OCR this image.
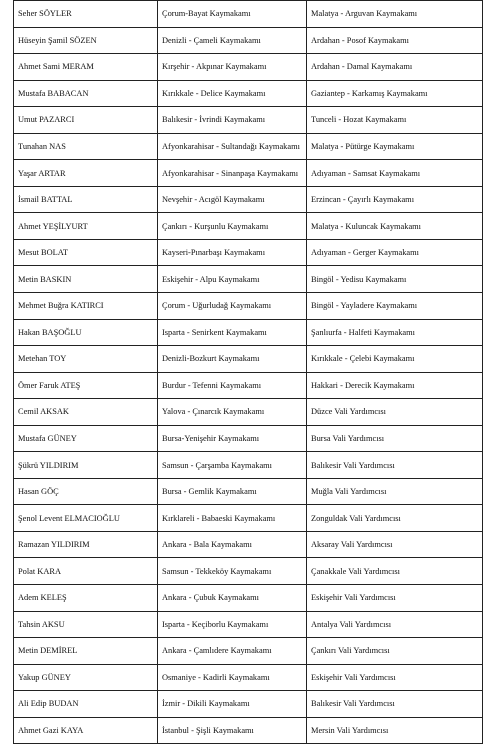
Seher SÖYLER	Çorum-Bayat Kaymakamı	Malatya - Arguvan Kaymakamı
Hüseyin Şamil SÖZEN	Denizli - Çameli Kaymakamı	Ardahan - Posof Kaymakamı
Ahmet Sami MERAM	Kırşehir - Akpınar Kaymakamı	Ardahan - Damal Kaymakamı
Mustafa BABACAN	Kırıkkale - Delice Kaymakamı	Gaziantep - Karkamış Kaymakamı
Umut PAZARCI	Balıkesir - İvrindi Kaymakamı	Tunceli - Hozat Kaymakamı
Tunahan NAS	Afyonkarahisar - Sultandağı Kaymakamı	Malatya - Pütürge Kaymakamı
Yaşar ARTAR	Afyonkarahisar - Sinanpaşa Kaymakamı	Adıyaman - Samsat Kaymakamı
İsmail BATTAL	Nevşehir - Acıgöl Kaymakamı	Erzincan - Çayırlı Kaymakamı
Ahmet YEŞİLYURT	Çankırı - Kurşunlu Kaymakamı	Malatya - Kuluncak Kaymakamı
Mesut BOLAT	Kayseri-Pınarbaşı Kaymakamı	Adıyaman - Gerger Kaymakamı
Metin BASKIN	Eskişehir - Alpu Kaymakamı	Bingöl - Yedisu Kaymakamı
Mehmet Buğra KATIRCI	Çorum - Uğurludağ Kaymakamı	Bingöl - Yayladere Kaymakamı
Hakan BAŞOĞLU	Isparta - Senirkent Kaymakamı	Şanlıurfa - Halfeti Kaymakamı
Metehan TOY	Denizli-Bozkurt Kaymakamı	Kırıkkale - Çelebi Kaymakamı
Ömer Faruk ATEŞ	Burdur - Tefenni Kaymakamı	Hakkari - Derecik Kaymakamı
Cemil AKSAK	Yalova - Çınarcık Kaymakamı	Düzce Vali Yardımcısı
Mustafa GÜNEY	Bursa-Yenişehir Kaymakamı	Bursa Vali Yardımcısı
Şükrü YILDIRIM	Samsun - Çarşamba Kaymakamı	Balıkesir Vali Yardımcısı
Hasan GÖÇ	Bursa - Gemlik Kaymakamı	Muğla Vali Yardımcısı
Şenol Levent ELMACIOĞLU	Kırklareli - Babaeski Kaymakamı	Zonguldak Vali Yardımcısı
Ramazan YILDIRIM	Ankara - Bala Kaymakamı	Aksaray Vali Yardımcısı
Polat KARA	Samsun - Tekkeköy Kaymakamı	Çanakkale Vali Yardımcısı
Adem KELEŞ	Ankara - Çubuk Kaymakamı	Eskişehir Vali Yardımcısı
Tahsin AKSU	Isparta - Keçiborlu Kaymakamı	Antalya Vali Yardımcısı
Metin DEMİREL	Ankara - Çamlıdere Kaymakamı	Çankırı Vali Yardımcısı
Yakup GÜNEY	Osmaniye - Kadirli Kaymakamı	Eskişehir Vali Yardımcısı
Ali Edip BUDAN	İzmir - Dikili Kaymakamı	Balıkesir Vali Yardımcısı
Ahmet Gazi KAYA	İstanbul - Şişli Kaymakamı	Mersin Vali Yardımcısı
